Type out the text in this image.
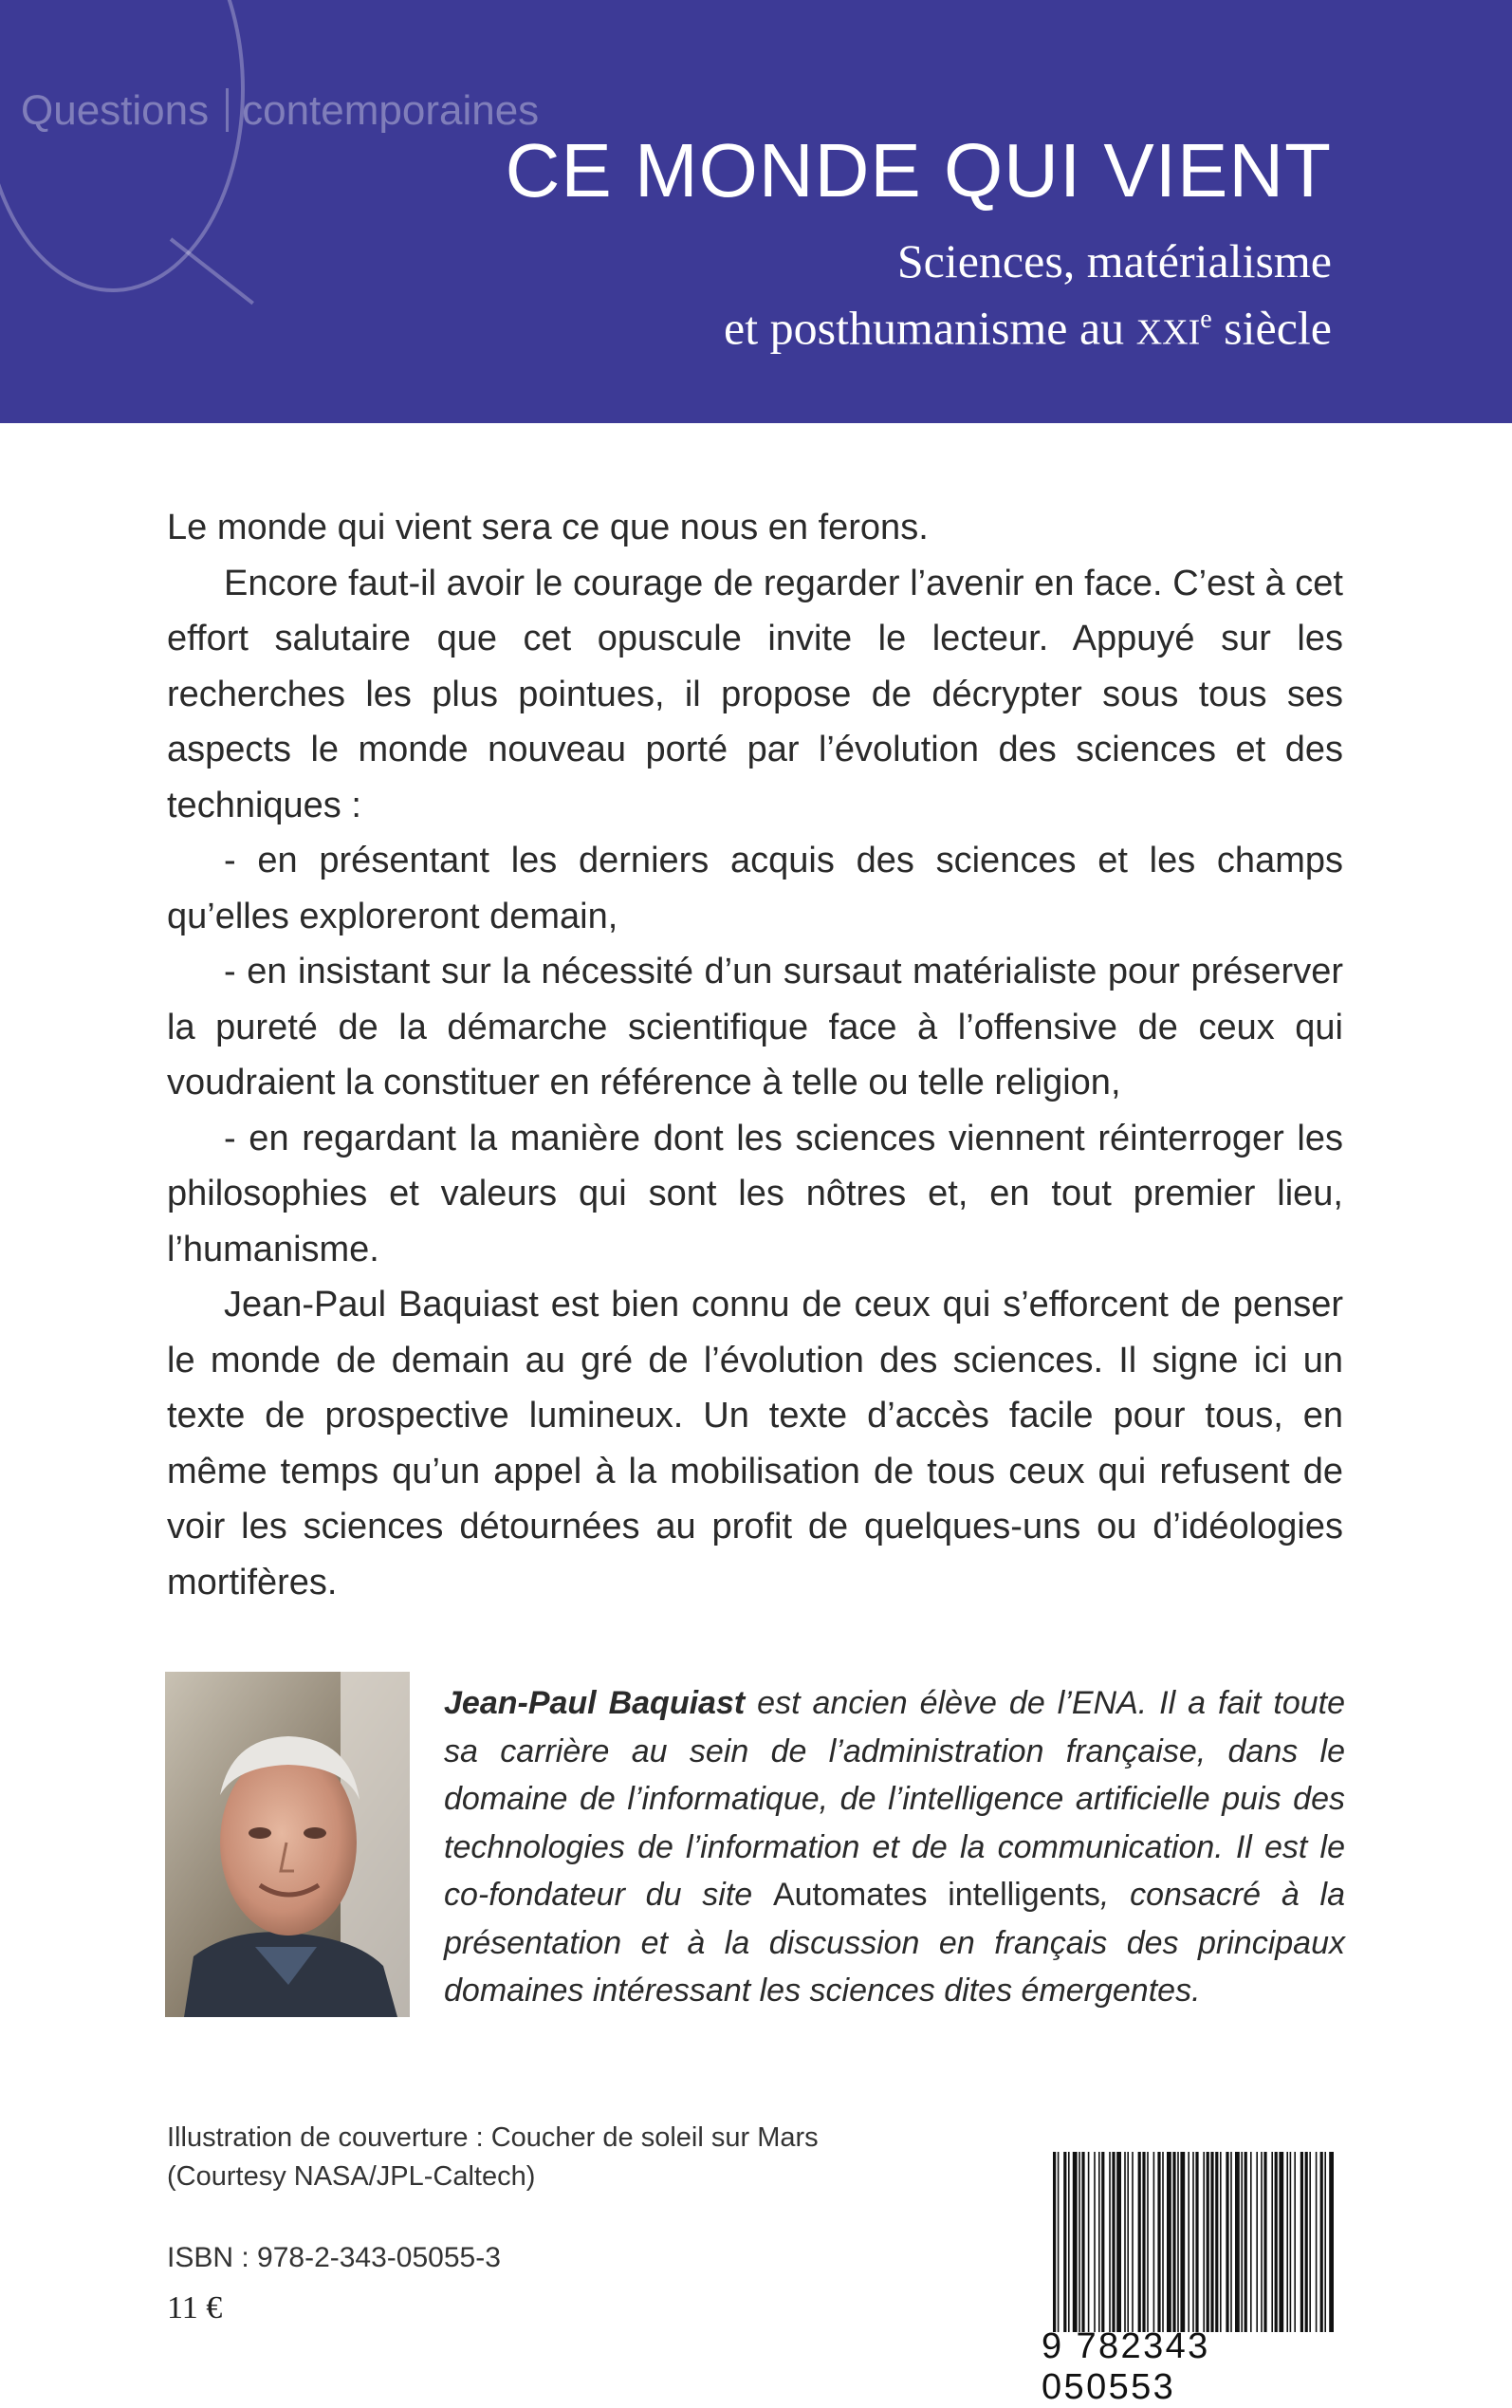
Questions contemporaines
CE MONDE QUI VIENT
Sciences, matérialisme
et posthumanisme au xxi$^e$ siècle

Le monde qui vient sera ce que nous en ferons.

Encore faut-il avoir le courage de regarder l’avenir en face. C’est à cet effort salutaire que cet opuscule invite le lecteur. Appuyé sur les recherches les plus pointues, il propose de décrypter sous tous ses aspects le monde nouveau porté par l’évolution des sciences et des techniques :

- en présentant les derniers acquis des sciences et les champs qu’elles exploreront demain,

- en insistant sur la nécessité d’un sursaut matérialiste pour préserver la pureté de la démarche scientifique face à l’offensive de ceux qui voudraient la constituer en référence à telle ou telle religion,

- en regardant la manière dont les sciences viennent réinterroger les philosophies et valeurs qui sont les nôtres et, en tout premier lieu, l’humanisme.

Jean-Paul Baquiast est bien connu de ceux qui s’efforcent de penser le monde de demain au gré de l’évolution des sciences. Il signe ici un texte de prospective lumineux. Un texte d’accès facile pour tous, en même temps qu’un appel à la mobilisation de tous ceux qui refusent de voir les sciences détournées au profit de quelques-uns ou d’idéologies mortifères.

Jean-Paul Baquiast est ancien élève de l’ENA. Il a fait toute sa carrière au sein de l’administration française, dans le domaine de l’informatique, de l’intelligence artificielle puis des technologies de l’information et de la communication. Il est le co-fondateur du site Automates intelligents, consacré à la présentation et à la discussion en français des principaux domaines intéressant les sciences dites émergentes.
Illustration de couverture : Coucher de soleil sur Mars
(Courtesy NASA/JPL-Caltech)
ISBN : 978-2-343-05055-3
11 €
9 782343 050553
